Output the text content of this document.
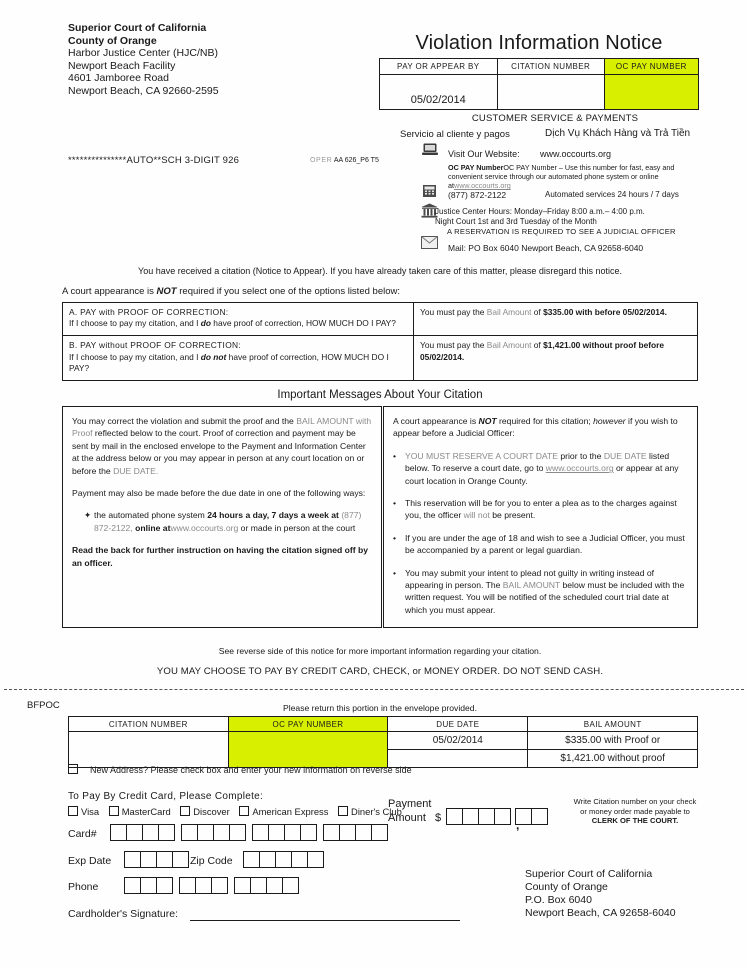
Superior Court of California
County of Orange
Harbor Justice Center (HJC/NB)
Newport Beach Facility
4601 Jamboree Road
Newport Beach, CA 92660-2595
Violation Information Notice
PAY OR APPEAR BY	CITATION NUMBER	OC PAY NUMBER
05/02/2014		
CUSTOMER SERVICE & PAYMENTS
Servicio al cliente y pagos	Dịch Vụ Khách Hàng và Trả Tiền
Visit Our Website: www.occourts.org
OC PAY NumberOC PAY Number – Use this number for fast, easy and convenient service through our automated phone system or online atwww.occourts.org
(877) 872-2122	Automated services 24 hours / 7 days
Justice Center Hours: Monday–Friday 8:00 a.m.– 4:00 p.m.
Night Court 1st and 3rd Tuesday of the Month
A RESERVATION IS REQUIRED TO SEE A JUDICIAL OFFICER
Mail: PO Box 6040 Newport Beach, CA 92658-6040
***************AUTO**SCH 3-DIGIT 926	OPER AA 626_P6 T5
You have received a citation (Notice to Appear). If you have already taken care of this matter, please disregard this notice.
A court appearance is NOT required if you select one of the options listed below:
A. PAY with PROOF OF CORRECTION:
If I choose to pay my citation, and I do have proof of correction, HOW MUCH DO I PAY?	You must pay the Bail Amount of $335.00 with before 05/02/2014.

B. PAY without PROOF OF CORRECTION:
If I choose to pay my citation, and I do not have proof of correction, HOW MUCH DO I PAY?	You must pay the Bail Amount of $1,421.00 without proof before 05/02/2014.
Important Messages About Your Citation

You may correct the violation and submit the proof and the BAIL AMOUNT with Proof reflected below to the court. Proof of correction and payment may be sent by mail in the enclosed envelope to the Payment and Information Center at the address below or you may appear in person at any court location on or before the DUE DATE.

Payment may also be made before the due date in one of the following ways:

✦ the automated phone system 24 hours a day, 7 days a week at (877) 872-2122, online atwww.occourts.org or made in person at the court

Read the back for further instruction on having the citation signed off by an officer.

A court appearance is NOT required for this citation; however if you wish to appear before a Judicial Officer:

•	YOU MUST RESERVE A COURT DATE prior to the DUE DATE listed below. To reserve a court date, go to www.occourts.org or appear at any court location in Orange County.
•	This reservation will be for you to enter a plea as to the charges against you, the officer will not be present.
•	If you are under the age of 18 and wish to see a Judicial Officer, you must be accompanied by a parent or legal guardian.
•	You may submit your intent to plead not guilty in writing instead of appearing in person. The BAIL AMOUNT below must be included with the written request. You will be notified of the scheduled court trial date at which you must appear.
See reverse side of this notice for more important information regarding your citation.
YOU MAY CHOOSE TO PAY BY CREDIT CARD, CHECK, or MONEY ORDER. DO NOT SEND CASH.
BFPOC	Please return this portion in the envelope provided.
CITATION NUMBER	OC PAY NUMBER	DUE DATE	BAIL AMOUNT
		05/02/2014	$335.00 with Proof or
			$1,421.00 without proof
New Address? Please check box and enter your new information on reverse side
To Pay By Credit Card, Please Complete:
Visa MasterCard Discover American Express Diner's Club
Card#
Exp Date	Zip Code
Phone
Cardholder's Signature:
Payment
Amount $	,
Write Citation number on your check
or money order made payable to
CLERK OF THE COURT.
Superior Court of California
County of Orange
P.O. Box 6040
Newport Beach, CA 92658-6040
